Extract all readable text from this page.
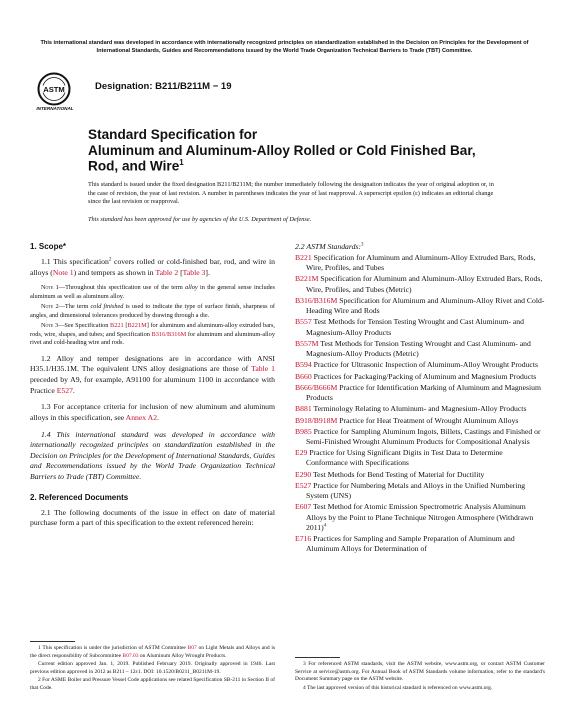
This international standard was developed in accordance with internationally recognized principles on standardization established in the Decision on Principles for the Development of International Standards, Guides and Recommendations issued by the World Trade Organization Technical Barriers to Trade (TBT) Committee.
ASTM
INTERNATIONAL
Designation: B211/B211M − 19
Standard Specification for
Aluminum and Aluminum-Alloy Rolled or Cold Finished Bar, Rod, and Wire$^1$
This standard is issued under the fixed designation B211/B211M; the number immediately following the designation indicates the year of original adoption or, in the case of revision, the year of last revision. A number in parentheses indicates the year of last reapproval. A superscript epsilon (ε) indicates an editorial change since the last revision or reapproval.
This standard has been approved for use by agencies of the U.S. Department of Defense.
1. Scope*

1.1 This specification$^2$ covers rolled or cold-finished bar, rod, and wire in alloys (Note 1) and tempers as shown in Table 2 [Table 3].

Note 1—Throughout this specification use of the term alloy in the general sense includes aluminum as well as aluminum alloy.

Note 2—The term cold finished is used to indicate the type of surface finish, sharpness of angles, and dimensional tolerances produced by drawing through a die.

Note 3—See Specification B221 [B221M] for aluminum and aluminum-alloy extruded bars, rods, wire, shapes, and tubes; and Specification B316/B316M for aluminum and aluminum-alloy rivet and cold-heading wire and rods.

1.2 Alloy and temper designations are in accordance with ANSI H35.1/H35.1M. The equivalent UNS alloy designations are those of Table 1 preceded by A9, for example, A91100 for aluminum 1100 in accordance with Practice E527.

1.3 For acceptance criteria for inclusion of new aluminum and aluminum alloys in this specification, see Annex A2.

1.4 This international standard was developed in accordance with internationally recognized principles on standardization established in the Decision on Principles for the Development of International Standards, Guides and Recommendations issued by the World Trade Organization Technical Barriers to Trade (TBT) Committee.

2. Referenced Documents

2.1 The following documents of the issue in effect on date of material purchase form a part of this specification to the extent referenced herein:

2.2 ASTM Standards:$^3$

B221 Specification for Aluminum and Aluminum-Alloy Extruded Bars, Rods, Wire, Profiles, and Tubes

B221M Specification for Aluminum and Aluminum-Alloy Extruded Bars, Rods, Wire, Profiles, and Tubes (Metric)

B316/B316M Specification for Aluminum and Aluminum-Alloy Rivet and Cold-Heading Wire and Rods

B557 Test Methods for Tension Testing Wrought and Cast Aluminum- and Magnesium-Alloy Products

B557M Test Methods for Tension Testing Wrought and Cast Aluminum- and Magnesium-Alloy Products (Metric)

B594 Practice for Ultrasonic Inspection of Aluminum-Alloy Wrought Products

B660 Practices for Packaging/Packing of Aluminum and Magnesium Products

B666/B666M Practice for Identification Marking of Aluminum and Magnesium Products

B881 Terminology Relating to Aluminum- and Magnesium-Alloy Products

B918/B918M Practice for Heat Treatment of Wrought Aluminum Alloys

B985 Practice for Sampling Aluminum Ingots, Billets, Castings and Finished or Semi-Finished Wrought Aluminum Products for Compositional Analysis

E29 Practice for Using Significant Digits in Test Data to Determine Conformance with Specifications

E290 Test Methods for Bend Testing of Material for Ductility

E527 Practice for Numbering Metals and Alloys in the Unified Numbering System (UNS)

E607 Test Method for Atomic Emission Spectrometric Analysis Aluminum Alloys by the Point to Plane Technique Nitrogen Atmosphere (Withdrawn 2011)$^4$

E716 Practices for Sampling and Sample Preparation of Aluminum and Aluminum Alloys for Determination of

1 This specification is under the jurisdiction of ASTM Committee B07 on Light Metals and Alloys and is the direct responsibility of Subcommittee B07.03 on Aluminum Alloy Wrought Products.

Current edition approved Jan. 1, 2019. Published February 2019. Originally approved in 1946. Last previous edition approved in 2012 as B211 – 12ε1. DOI: 10.1520/B0211_B0211M-19.

2 For ASME Boiler and Pressure Vessel Code applications see related Specification SB-211 in Section II of that Code.

3 For referenced ASTM standards, visit the ASTM website, www.astm.org, or contact ASTM Customer Service at service@astm.org. For Annual Book of ASTM Standards volume information, refer to the standard's Document Summary page on the ASTM website.

4 The last approved version of this historical standard is referenced on www.astm.org.
